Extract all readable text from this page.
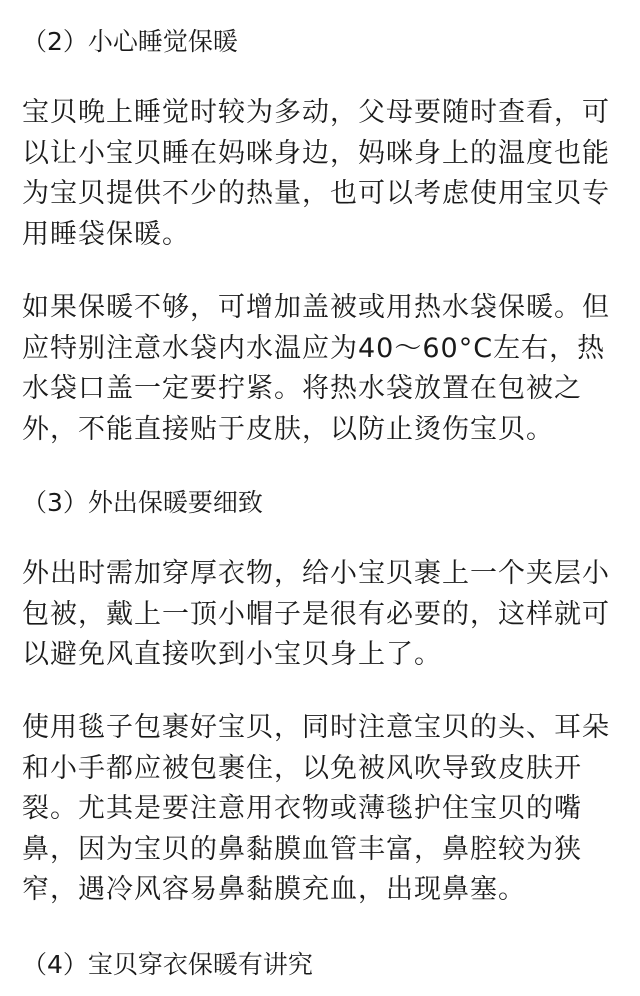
（2）小心睡觉保暖
宝贝晚上睡觉时较为多动，父母要随时查看，可
以让小宝贝睡在妈咪身边，妈咪身上的温度也能
为宝贝提供不少的热量，也可以考虑使用宝贝专
用睡袋保暖。
如果保暖不够，可增加盖被或用热水袋保暖。但
应特别注意水袋内水温应为40～60°C左右，热
水袋口盖一定要拧紧。将热水袋放置在包被之
外，不能直接贴于皮肤，以防止烫伤宝贝。
（3）外出保暖要细致
外出时需加穿厚衣物，给小宝贝裹上一个夹层小
包被，戴上一顶小帽子是很有必要的，这样就可
以避免风直接吹到小宝贝身上了。
使用毯子包裹好宝贝，同时注意宝贝的头、耳朵
和小手都应被包裹住，以免被风吹导致皮肤开
裂。尤其是要注意用衣物或薄毯护住宝贝的嘴
鼻，因为宝贝的鼻黏膜血管丰富，鼻腔较为狭
窄，遇冷风容易鼻黏膜充血，出现鼻塞。
（4）宝贝穿衣保暖有讲究
